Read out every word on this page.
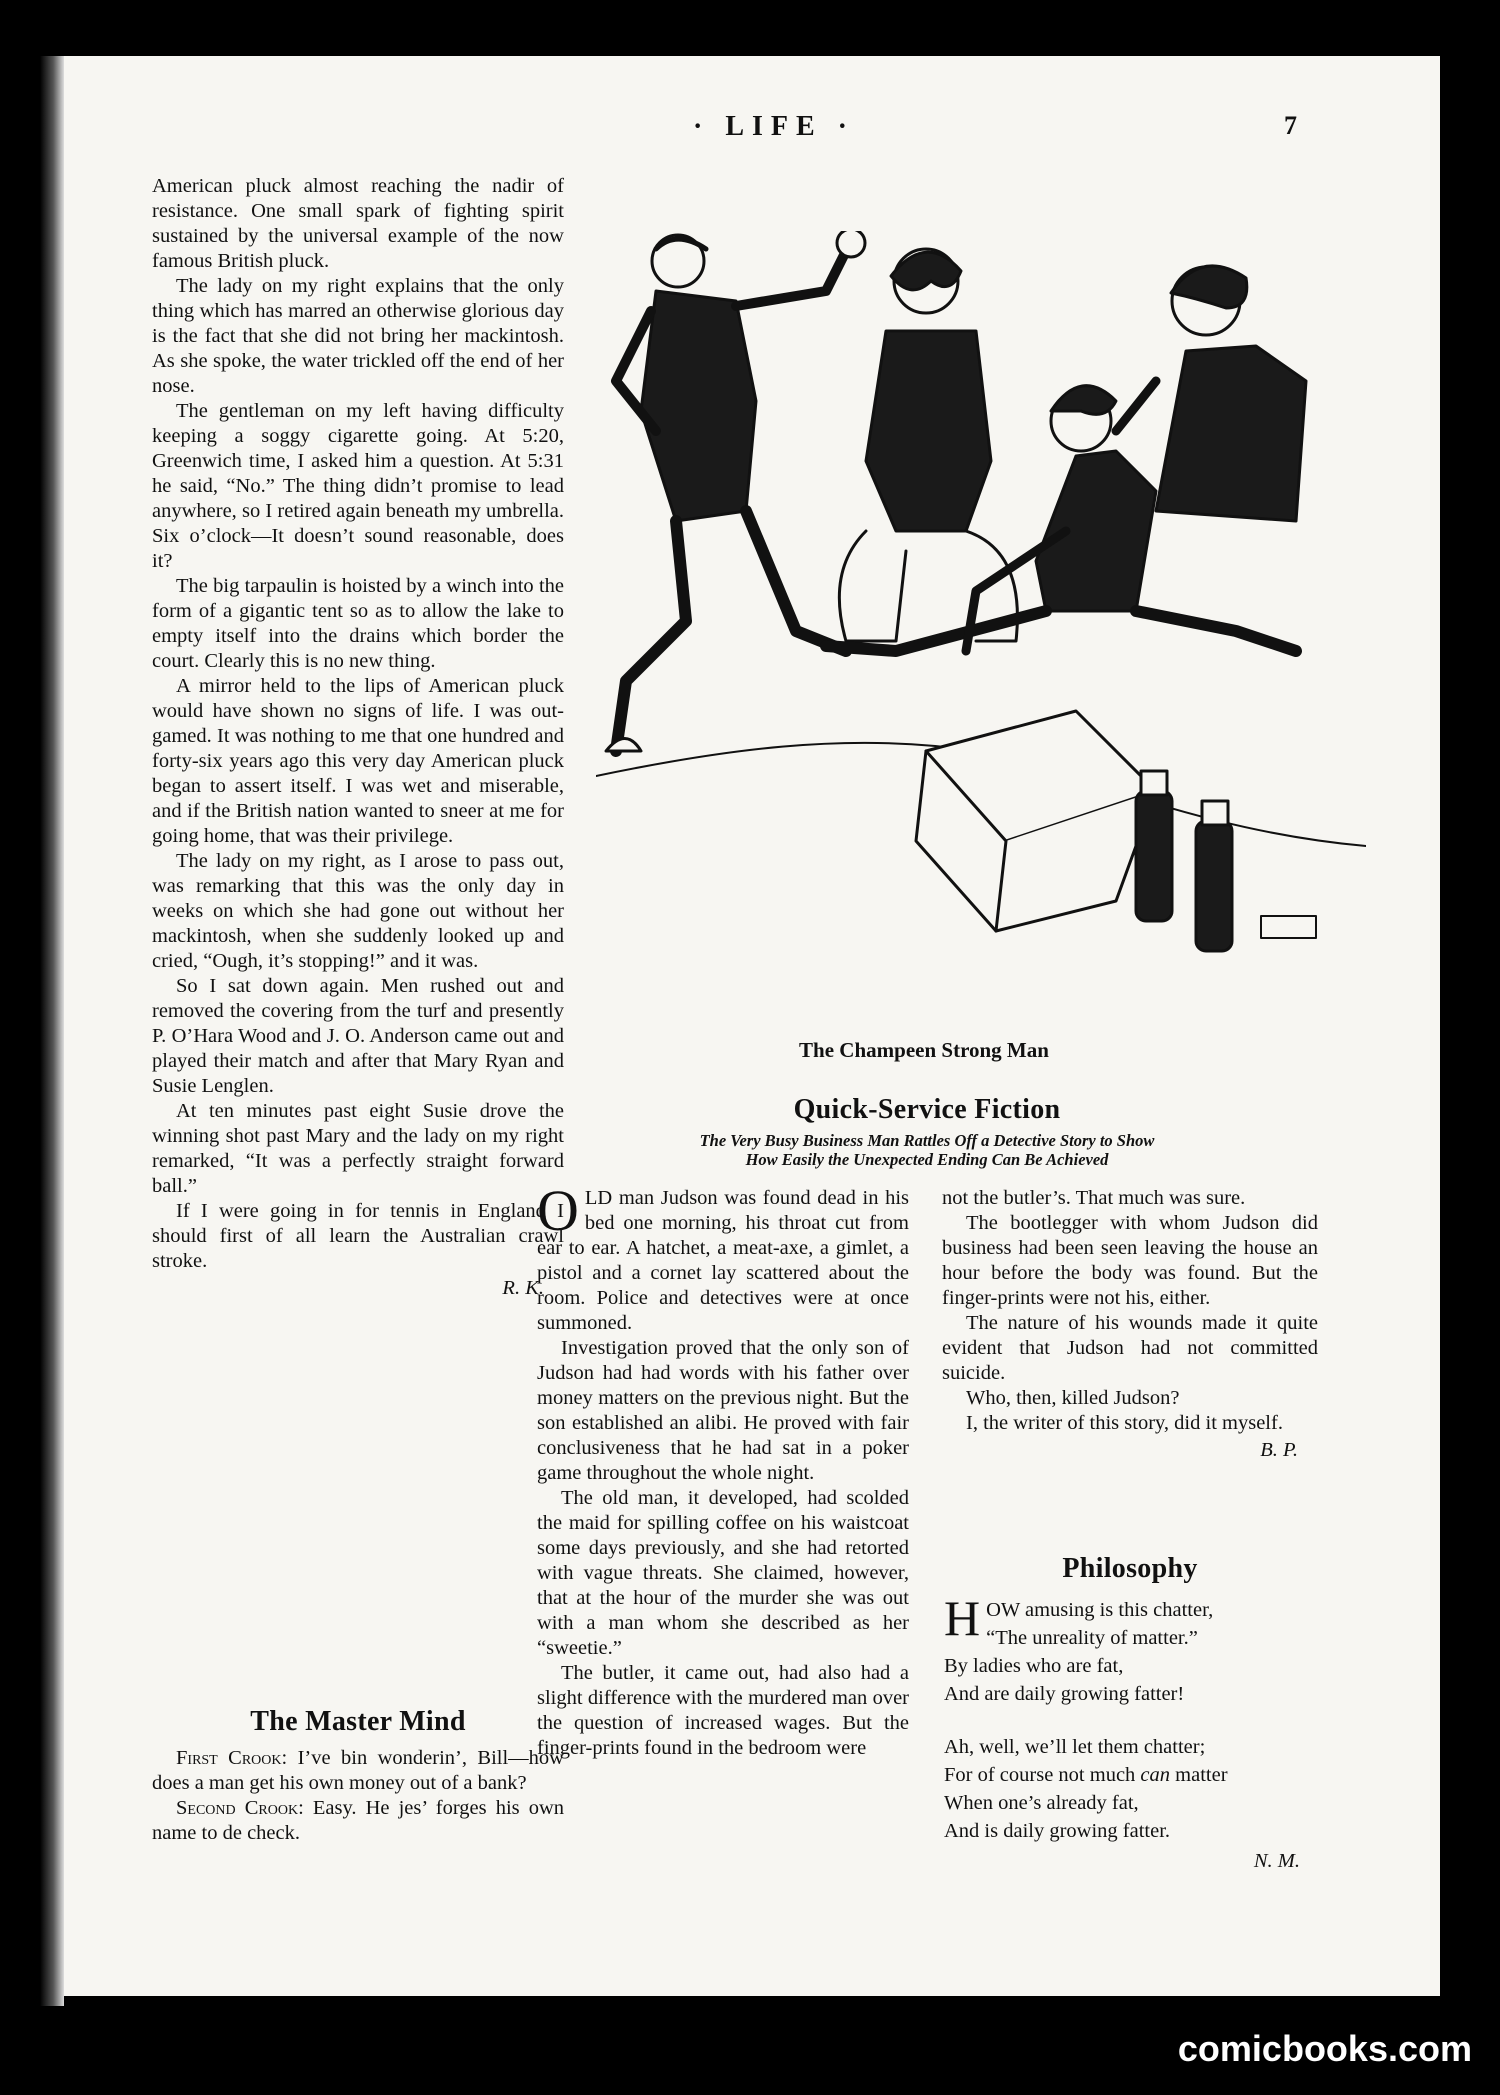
· LIFE ·	7

American pluck almost reaching the nadir of resistance. One small spark of fighting spirit sustained by the universal example of the now famous British pluck.

The lady on my right explains that the only thing which has marred an otherwise glorious day is the fact that she did not bring her mackintosh. As she spoke, the water trickled off the end of her nose.

The gentleman on my left having difficulty keeping a soggy cigarette going. At 5:20, Greenwich time, I asked him a question. At 5:31 he said, “No.” The thing didn’t promise to lead anywhere, so I retired again beneath my umbrella. Six o’clock—It doesn’t sound reasonable, does it?

The big tarpaulin is hoisted by a winch into the form of a gigantic tent so as to allow the lake to empty itself into the drains which border the court. Clearly this is no new thing.

A mirror held to the lips of American pluck would have shown no signs of life. I was out-gamed. It was nothing to me that one hundred and forty-six years ago this very day American pluck began to assert itself. I was wet and miserable, and if the British nation wanted to sneer at me for going home, that was their privilege.

The lady on my right, as I arose to pass out, was remarking that this was the only day in weeks on which she had gone out without her mackintosh, when she suddenly looked up and cried, “Ough, it’s stopping!” and it was.

So I sat down again. Men rushed out and removed the covering from the turf and presently P. O’Hara Wood and J. O. Anderson came out and played their match and after that Mary Ryan and Susie Lenglen.

At ten minutes past eight Susie drove the winning shot past Mary and the lady on my right remarked, “It was a perfectly straight forward ball.”

If I were going in for tennis in England I should first of all learn the Australian crawl stroke.

R. K.
The Master Mind

First Crook: I’ve bin wonderin’, Bill—how does a man get his own money out of a bank?

Second Crook: Easy. He jes’ forges his own name to de check.

The Champeen Strong Man
Quick-Service Fiction
The Very Busy Business Man Rattles Off a Detective Story to Show
How Easily the Unexpected Ending Can Be Achieved

OLD man Judson was found dead in his bed one morning, his throat cut from ear to ear. A hatchet, a meat-axe, a gimlet, a pistol and a cornet lay scattered about the room. Police and detectives were at once summoned.

Investigation proved that the only son of Judson had had words with his father over money matters on the previous night. But the son established an alibi. He proved with fair conclusiveness that he had sat in a poker game throughout the whole night.

The old man, it developed, had scolded the maid for spilling coffee on his waistcoat some days previously, and she had retorted with vague threats. She claimed, however, that at the hour of the murder she was out with a man whom she described as her “sweetie.”

The butler, it came out, had also had a slight difference with the murdered man over the question of increased wages. But the finger-prints found in the bedroom were

not the butler’s. That much was sure.

The bootlegger with whom Judson did business had been seen leaving the house an hour before the body was found. But the finger-prints were not his, either.

The nature of his wounds made it quite evident that Judson had not committed suicide.

Who, then, killed Judson?

I, the writer of this story, did it myself.

B. P.
Philosophy
HOW amusing is this chatter,
“The unreality of matter.”
By ladies who are fat,
And are daily growing fatter!
Ah, well, we’ll let them chatter;
For of course not much can matter
When one’s already fat,
And is daily growing fatter.
N. M.
comicbooks.com
